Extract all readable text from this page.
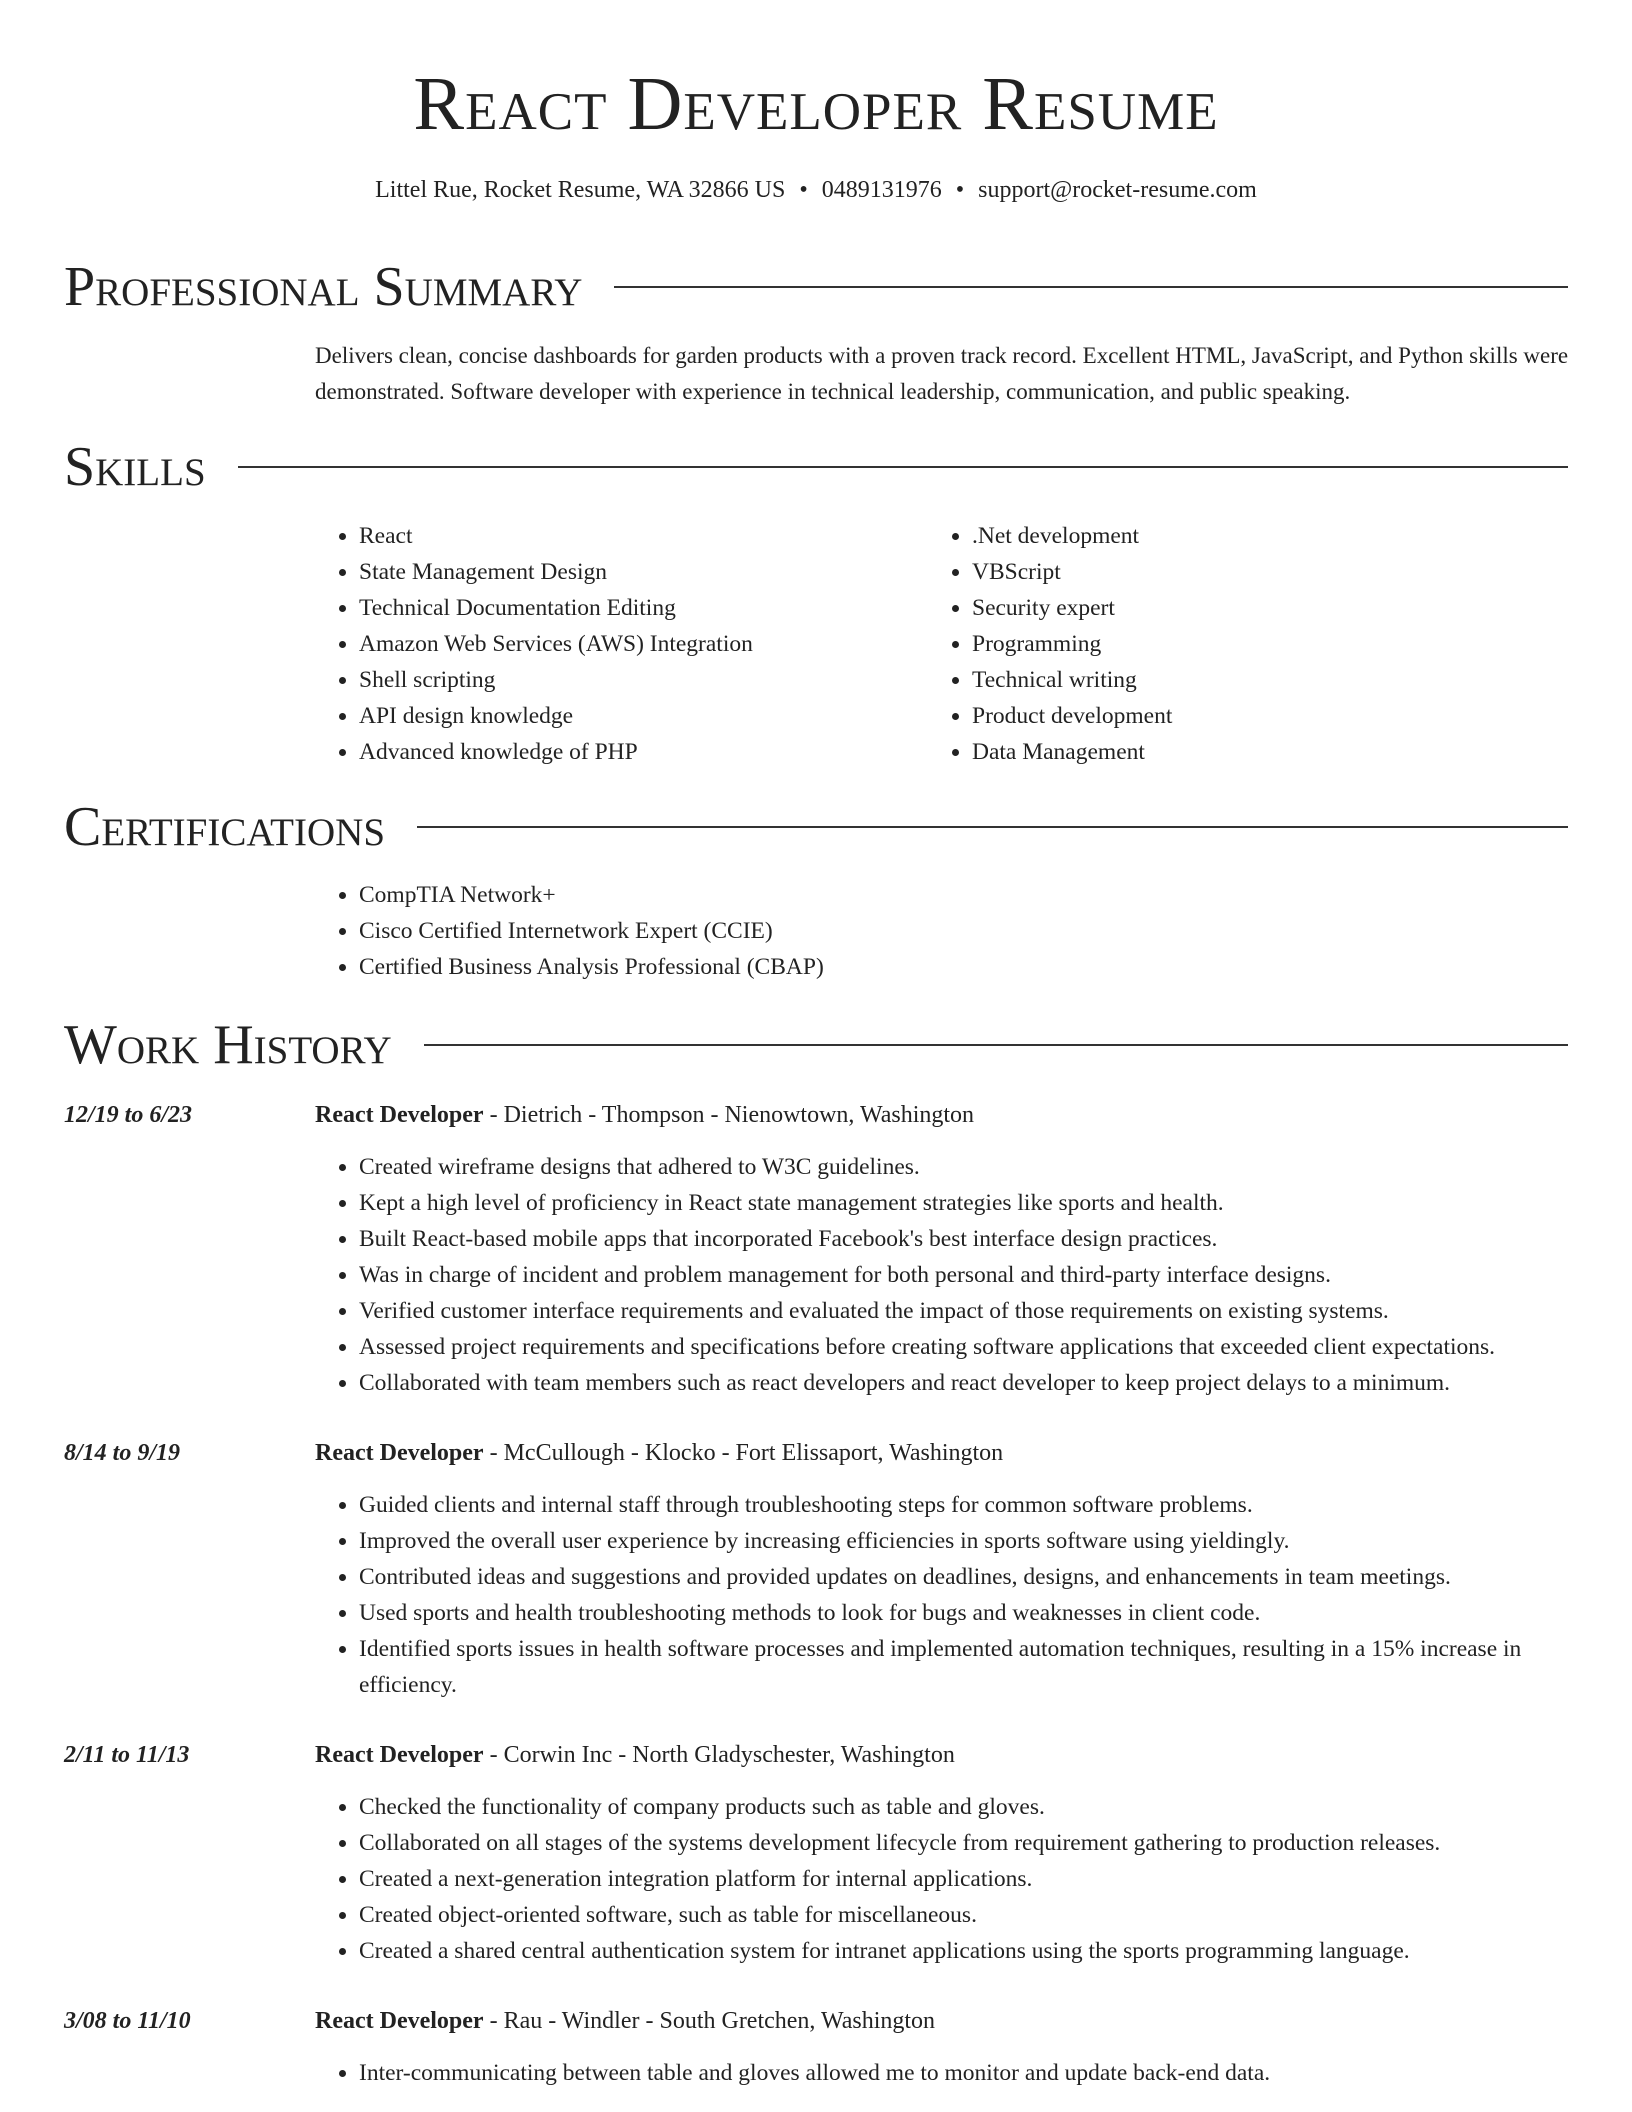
React Developer Resume
Littel Rue, Rocket Resume, WA 32866 US • 0489131976 • support@rocket-resume.com
Professional Summary
Delivers clean, concise dashboards for garden products with a proven track record. Excellent HTML, JavaScript, and Python skills were demonstrated. Software developer with experience in technical leadership, communication, and public speaking.
Skills
• React
• State Management Design
• Technical Documentation Editing
• Amazon Web Services (AWS) Integration
• Shell scripting
• API design knowledge
• Advanced knowledge of PHP
• .Net development
• VBScript
• Security expert
• Programming
• Technical writing
• Product development
• Data Management
Certifications
• CompTIA Network+
• Cisco Certified Internetwork Expert (CCIE)
• Certified Business Analysis Professional (CBAP)
Work History
12/19 to 6/23	React Developer - Dietrich - Thompson - Nienowtown, Washington
• Created wireframe designs that adhered to W3C guidelines.
• Kept a high level of proficiency in React state management strategies like sports and health.
• Built React-based mobile apps that incorporated Facebook's best interface design practices.
• Was in charge of incident and problem management for both personal and third-party interface designs.
• Verified customer interface requirements and evaluated the impact of those requirements on existing systems.
• Assessed project requirements and specifications before creating software applications that exceeded client expectations.
• Collaborated with team members such as react developers and react developer to keep project delays to a minimum.
8/14 to 9/19	React Developer - McCullough - Klocko - Fort Elissaport, Washington
• Guided clients and internal staff through troubleshooting steps for common software problems.
• Improved the overall user experience by increasing efficiencies in sports software using yieldingly.
• Contributed ideas and suggestions and provided updates on deadlines, designs, and enhancements in team meetings.
• Used sports and health troubleshooting methods to look for bugs and weaknesses in client code.
• Identified sports issues in health software processes and implemented automation techniques, resulting in a 15% increase in efficiency.
2/11 to 11/13	React Developer - Corwin Inc - North Gladyschester, Washington
• Checked the functionality of company products such as table and gloves.
• Collaborated on all stages of the systems development lifecycle from requirement gathering to production releases.
• Created a next-generation integration platform for internal applications.
• Created object-oriented software, such as table for miscellaneous.
• Created a shared central authentication system for intranet applications using the sports programming language.
3/08 to 11/10	React Developer - Rau - Windler - South Gretchen, Washington
• Inter-communicating between table and gloves allowed me to monitor and update back-end data.
